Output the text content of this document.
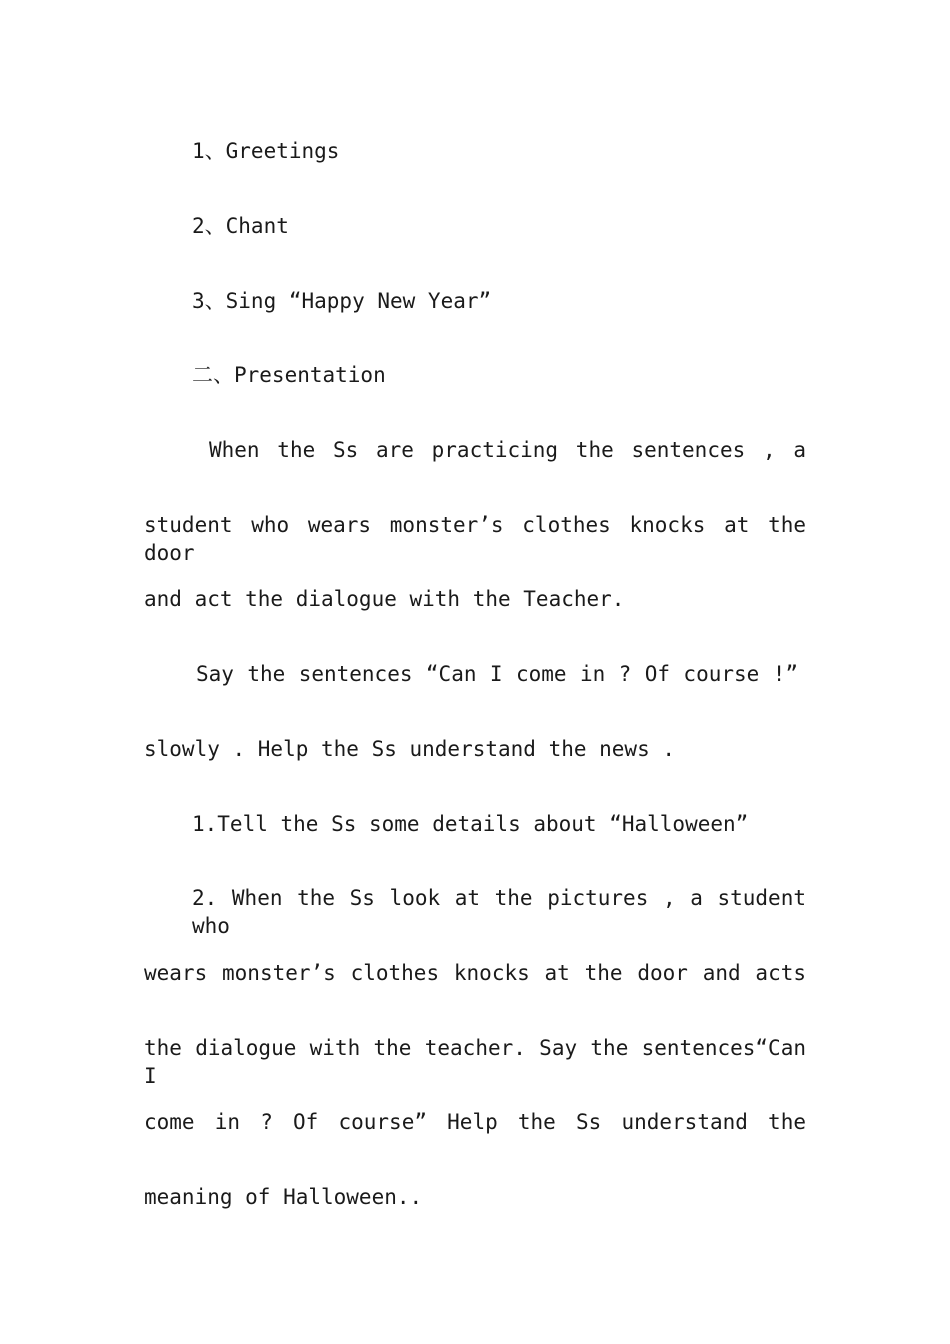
1、Greetings
2、Chant
3、Sing “Happy New Year”
二、Presentation
When the Ss are practicing the sentences , a
student who wears monster’s clothes knocks at the door
and act the dialogue with the Teacher.
Say the sentences “Can I come in ? Of course !”
slowly . Help the Ss understand the news .
1.Tell the Ss some details about “Halloween”
2. When the Ss look at the pictures , a student who
wears monster’s clothes knocks at the door and acts
the dialogue with the teacher. Say the sentences“Can I
come in ? Of course” Help the Ss understand the
meaning of Halloween..
